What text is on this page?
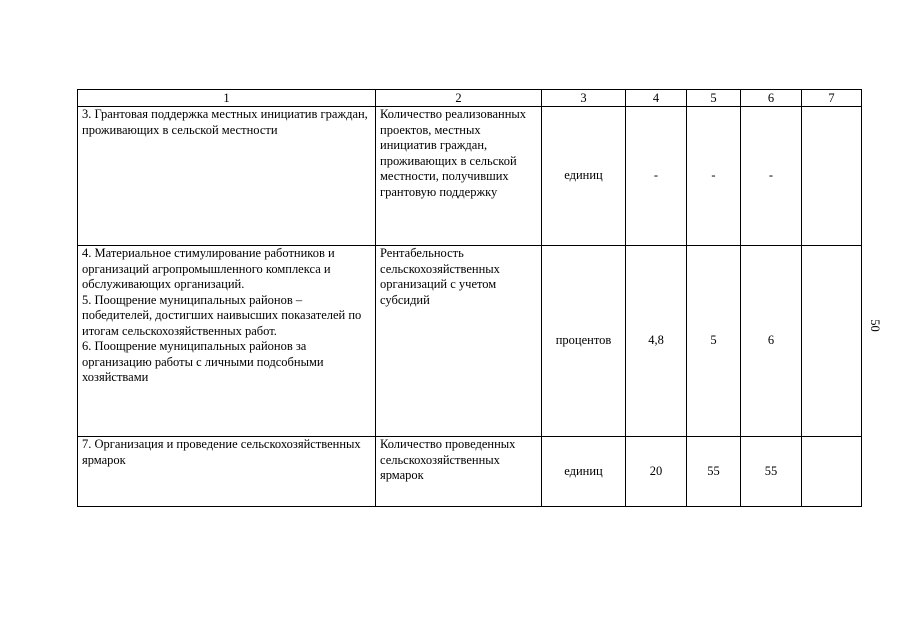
1	2	3	4	5	6	7
3. Грантовая поддержка местных инициатив граждан, проживающих в сельской местности	Количество реализованных проектов, местных инициатив граждан, проживающих в сельской местности, получивших грантовую поддержку	единиц	-	-	-	

4. Материальное стимулирование работников и организаций агропромышленного комплекса и обслуживающих организаций.
5. Поощрение муниципальных районов – победителей, достигших наивысших показателей по итогам сельскохозяйственных работ.
6. Поощрение муниципальных районов за организацию работы с личными подсобными хозяйствами	Рентабельность сельскохозяйственных организаций с учетом субсидий	процентов	4,8	5	6	
7. Организация и проведение сельскохозяйственных ярмарок	Количество проведенных сельскохозяйственных ярмарок	единиц	20	55	55	
50
